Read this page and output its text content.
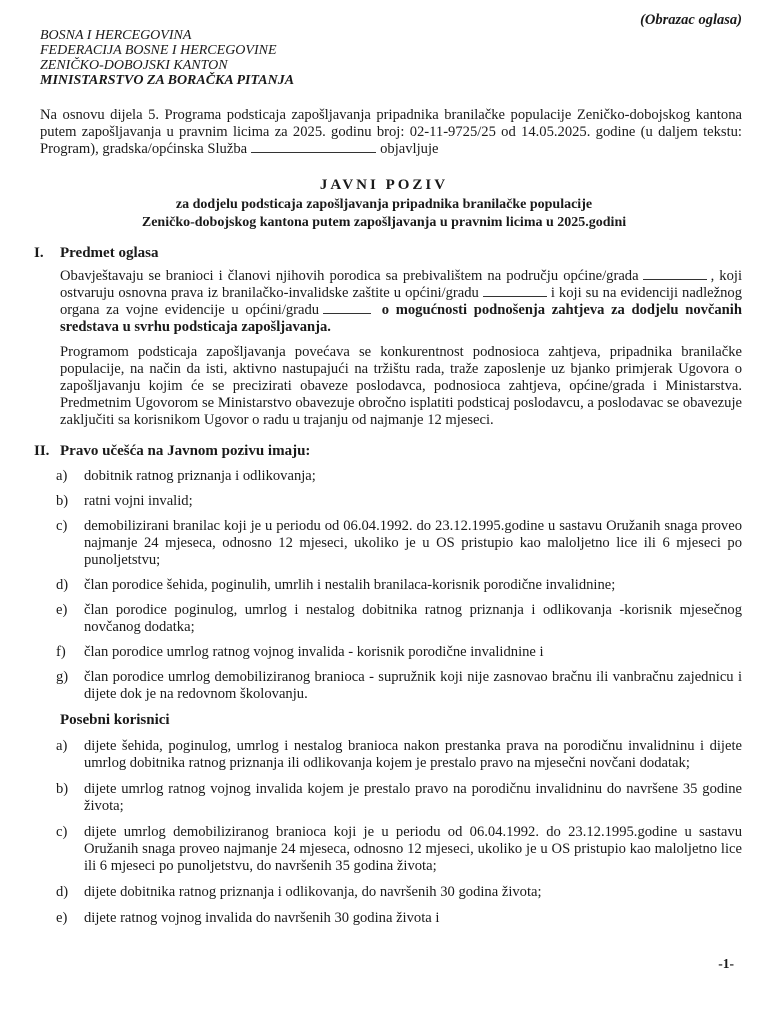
(Obrazac oglasa)
BOSNA I HERCEGOVINA
FEDERACIJA BOSNE I HERCEGOVINE
ZENIČKO-DOBOJSKI KANTON
MINISTARSTVO ZA BORAČKA PITANJA
Na osnovu dijela 5. Programa podsticaja zapošljavanja pripadnika branilačke populacije Zeničko-dobojskog kantona putem zapošljavanja u pravnim licima za 2025. godinu broj: 02-11-9725/25 od 14.05.2025. godine (u daljem tekstu: Program), gradska/općinska Služba	objavljuje
JAVNI POZIV
za dodjelu podsticaja zapošljavanja pripadnika branilačke populacije
Zeničko-dobojskog kantona putem zapošljavanja u pravnim licima u 2025.godini
I.	Predmet oglasa
Obavještavaju se branioci i članovi njihovih porodica sa prebivalištem na području općine/grada	, koji ostvaruju osnovna prava iz branilačko-invalidske zaštite u općini/gradu	i koji su na evidenciji nadležnog organa za vojne evidencije u općini/gradu	o mogućnosti podnošenja zahtjeva za dodjelu novčanih sredstava u svrhu podsticaja zapošljavanja.
Programom podsticaja zapošljavanja povećava se konkurentnost podnosioca zahtjeva, pripadnika branilačke populacije, na način da isti, aktivno nastupajući na tržištu rada, traže zaposlenje uz bjanko primjerak Ugovora o zapošljavanju kojim će se precizirati obaveze poslodavca, podnosioca zahtjeva, općine/grada i Ministarstva. Predmetnim Ugovorom se Ministarstvo obavezuje obročno isplatiti podsticaj poslodavcu, a poslodavac se obavezuje zaključiti sa korisnikom Ugovor o radu u trajanju od najmanje 12 mjeseci.
II. Pravo učešća na Javnom pozivu imaju:
a)	dobitnik ratnog priznanja i odlikovanja;
b)	ratni vojni invalid;
c)	demobilizirani branilac koji je u periodu od 06.04.1992. do 23.12.1995.godine u sastavu Oružanih snaga proveo najmanje 24 mjeseca, odnosno 12 mjeseci, ukoliko je u OS pristupio kao maloljetno lice ili 6 mjeseci po punoljetstvu;
d)	član porodice šehida, poginulih, umrlih i nestalih branilaca-korisnik porodične invalidnine;
e)	član porodice poginulog, umrlog i nestalog dobitnika ratnog priznanja i odlikovanja -korisnik mjesečnog novčanog dodatka;
f)	član porodice umrlog ratnog vojnog invalida - korisnik porodične invalidnine i
g)	član porodice umrlog demobiliziranog branioca - supružnik koji nije zasnovao bračnu ili vanbračnu zajednicu i dijete dok je na redovnom školovanju.
Posebni korisnici
a)	dijete šehida, poginulog, umrlog i nestalog branioca nakon prestanka prava na porodičnu invalidninu i dijete umrlog dobitnika ratnog priznanja ili odlikovanja kojem je prestalo pravo na mjesečni novčani dodatak;
b)	dijete umrlog ratnog vojnog invalida kojem je prestalo pravo na porodičnu invalidninu do navršene 35 godine života;
c)	dijete umrlog demobiliziranog branioca koji je u periodu od 06.04.1992. do 23.12.1995.godine u sastavu Oružanih snaga proveo najmanje 24 mjeseca, odnosno 12 mjeseci, ukoliko je u OS pristupio kao maloljetno lice ili 6 mjeseci po punoljetstvu, do navršenih 35 godina života;
d)	dijete dobitnika ratnog priznanja i odlikovanja, do navršenih 30 godina života;
e)	dijete ratnog vojnog invalida do navršenih 30 godina života i
-1-
